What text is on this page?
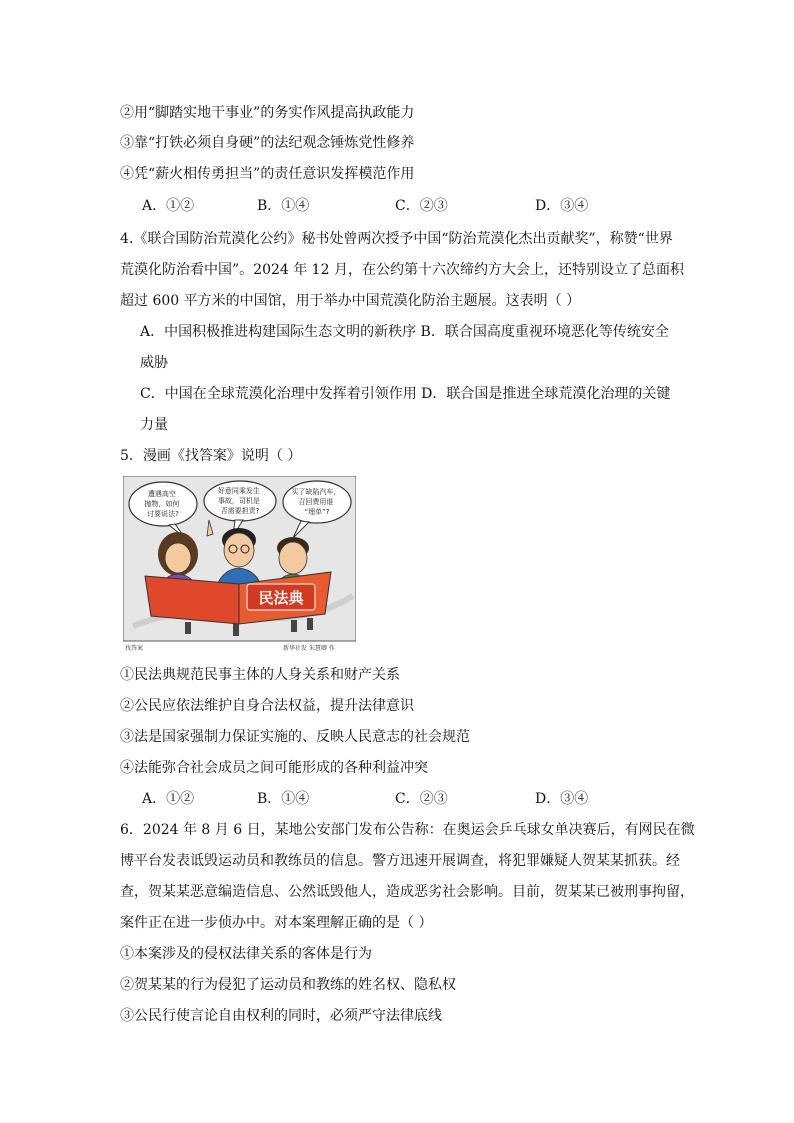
②用“脚踏实地干事业”的务实作风提高执政能力
③靠“打铁必须自身硬”的法纪观念锤炼党性修养
④凭“薪火相传勇担当”的责任意识发挥模范作用
A．①②	B．①④	C．②③	D．③④
4.《联合国防治荒漠化公约》秘书处曾两次授予中国“防治荒漠化杰出贡献奖”，称赞“世界
荒漠化防治看中国”。2024 年 12 月，在公约第十六次缔约方大会上，还特别设立了总面积
超过 600 平方米的中国馆，用于举办中国荒漠化防治主题展。这表明（ ）
A．中国积极推进构建国际生态文明的新秩序 B．联合国高度重视环境恶化等传统安全
威胁
C．中国在全球荒漠化治理中发挥着引领作用 D．联合国是推进全球荒漠化治理的关键
力量
5．漫画《找答案》说明（ ）
遭遇高空 抛物，如何 讨要说法?
好意同乘发生 事故，司机是 否需要担责?
买了缺陷汽车， 召回费用谁 “埋单”?
民法典
找答案	新华社发 朱慧卿 作
①民法典规范民事主体的人身关系和财产关系
②公民应依法维护自身合法权益，提升法律意识
③法是国家强制力保证实施的、反映人民意志的社会规范
④法能弥合社会成员之间可能形成的各种利益冲突
A．①②	B．①④	C．②③	D．③④
6．2024 年 8 月 6 日，某地公安部门发布公告称：在奥运会乒乓球女单决赛后，有网民在微
博平台发表诋毁运动员和教练员的信息。警方迅速开展调查，将犯罪嫌疑人贺某某抓获。经
查，贺某某恶意编造信息、公然诋毁他人，造成恶劣社会影响。目前，贺某某已被刑事拘留，
案件正在进一步侦办中。对本案理解正确的是（ ）
①本案涉及的侵权法律关系的客体是行为
②贺某某的行为侵犯了运动员和教练的姓名权、隐私权
③公民行使言论自由权利的同时，必须严守法律底线
